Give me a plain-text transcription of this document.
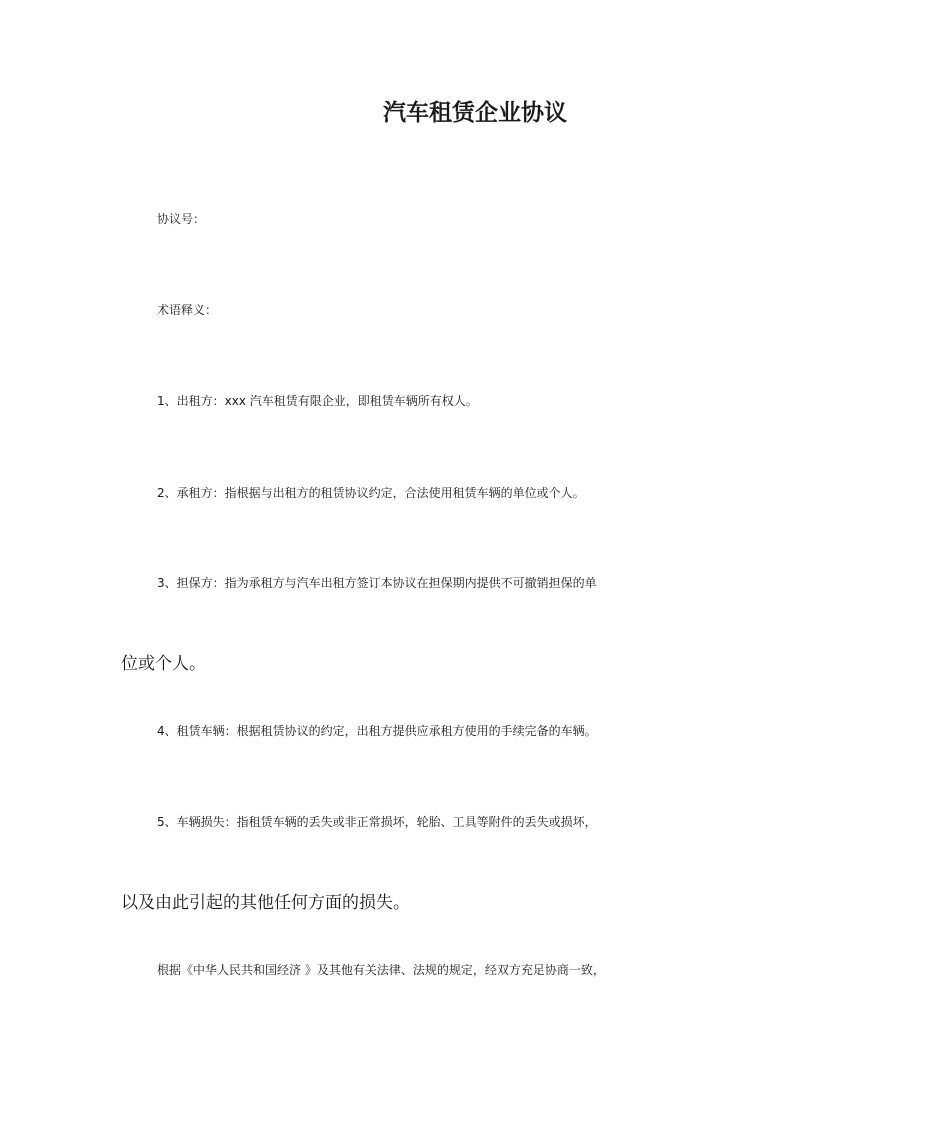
汽车租赁企业协议

协议号：

术语释义：

1、出租方：xxx 汽车租赁有限企业，即租赁车辆所有权人。

2、承租方：指根据与出租方的租赁协议约定，合法使用租赁车辆的单位或个人。

3、担保方：指为承租方与汽车出租方签订本协议在担保期内提供不可撤销担保的单
位或个人。

4、租赁车辆：根据租赁协议的约定，出租方提供应承租方使用的手续完备的车辆。

5、车辆损失：指租赁车辆的丢失或非正常损坏，轮胎、工具等附件的丢失或损坏，
以及由此引起的其他任何方面的损失。

根据《中华人民共和国经济 》及其他有关法律、法规的规定，经双方充足协商一致，
